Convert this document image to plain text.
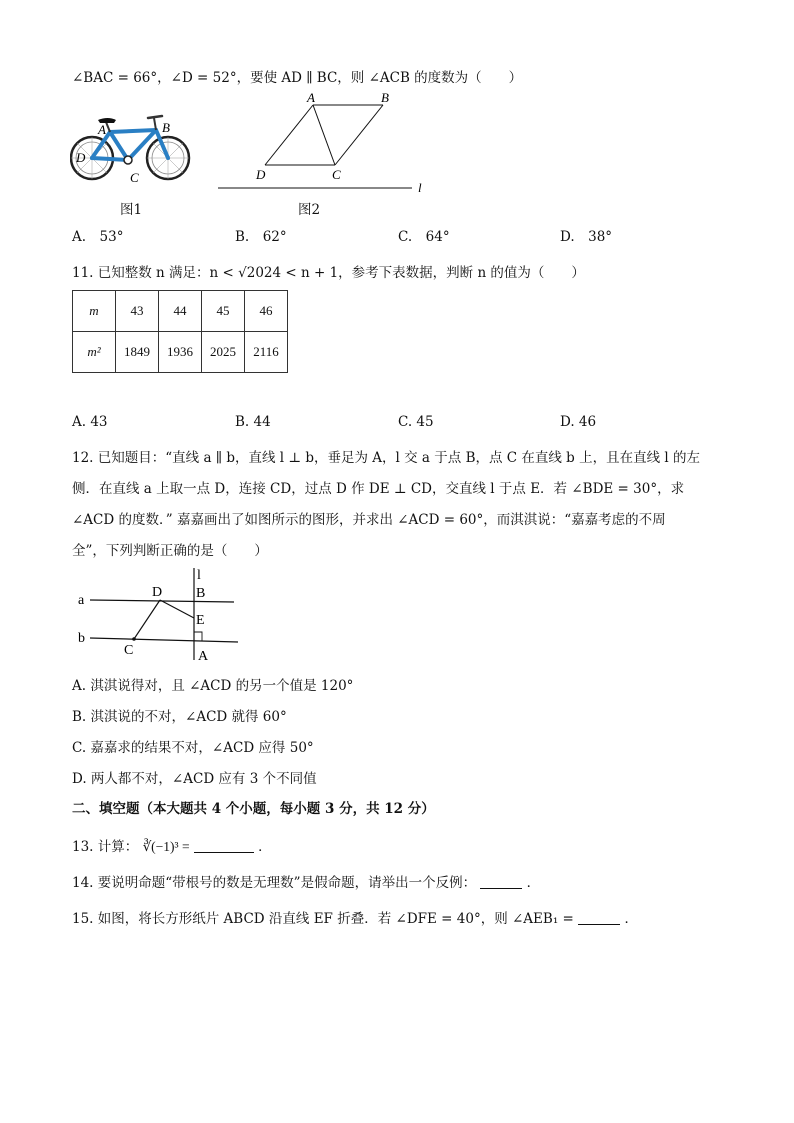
∠BAC = 66°，∠D = 52°，要使 AD ∥ BC，则 ∠ACB 的度数为（　　）
A	B
C
D
图1
A	B
C
D
l
图2
A.　53°	B.　62°	C.　64°	D.　38°
11. 已知整数 n 满足：n < √2024 < n + 1，参考下表数据，判断 n 的值为（　　）
m	43	44	45	46
m²	1849	1936	2025	2116
A. 43	B. 44	C. 45	D. 46
12. 已知题目：“直线 a ∥ b，直线 l ⊥ b，垂足为 A，l 交 a 于点 B，点 C 在直线 b 上，且在直线 l 的左
侧．在直线 a 上取一点 D，连接 CD，过点 D 作 DE ⊥ CD，交直线 l 于点 E．若 ∠BDE = 30°，求
∠ACD 的度数．” 嘉嘉画出了如图所示的图形，并求出 ∠ACD = 60°，而淇淇说：“嘉嘉考虑的不周
全”，下列判断正确的是（　　）
a
b
l
D B
E
C	A
A. 淇淇说得对，且 ∠ACD 的另一个值是 120°
B. 淇淇说的不对，∠ACD 就得 60°
C. 嘉嘉求的结果不对，∠ACD 应得 50°
D. 两人都不对，∠ACD 应有 3 个不同值
二、填空题（本大题共 4 个小题，每小题 3 分，共 12 分）
13. 计算： ∛(−1)³ =	．
14. 要说明命题“带根号的数是无理数”是假命题，请举出一个反例：	．
15. 如图，将长方形纸片 ABCD 沿直线 EF 折叠．若 ∠DFE = 40°，则 ∠AEB₁ =	．
